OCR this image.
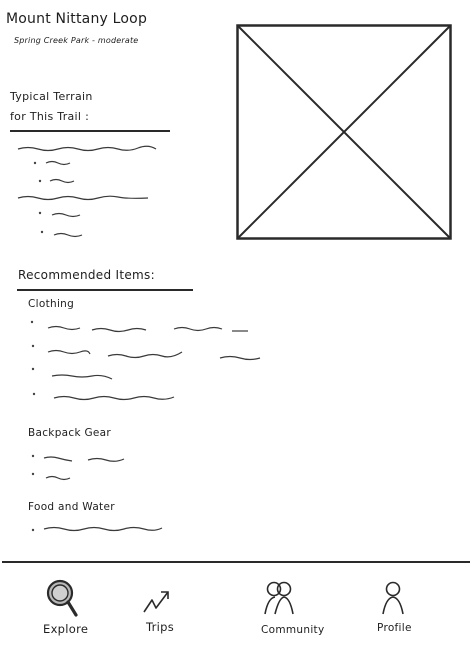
Mount Nittany Loop
Spring Creek Park - moderate
Typical Terrain
for This Trail :
Recommended Items:
Clothing
Backpack Gear
Food and Water
Explore	Trips	Community	Profile
